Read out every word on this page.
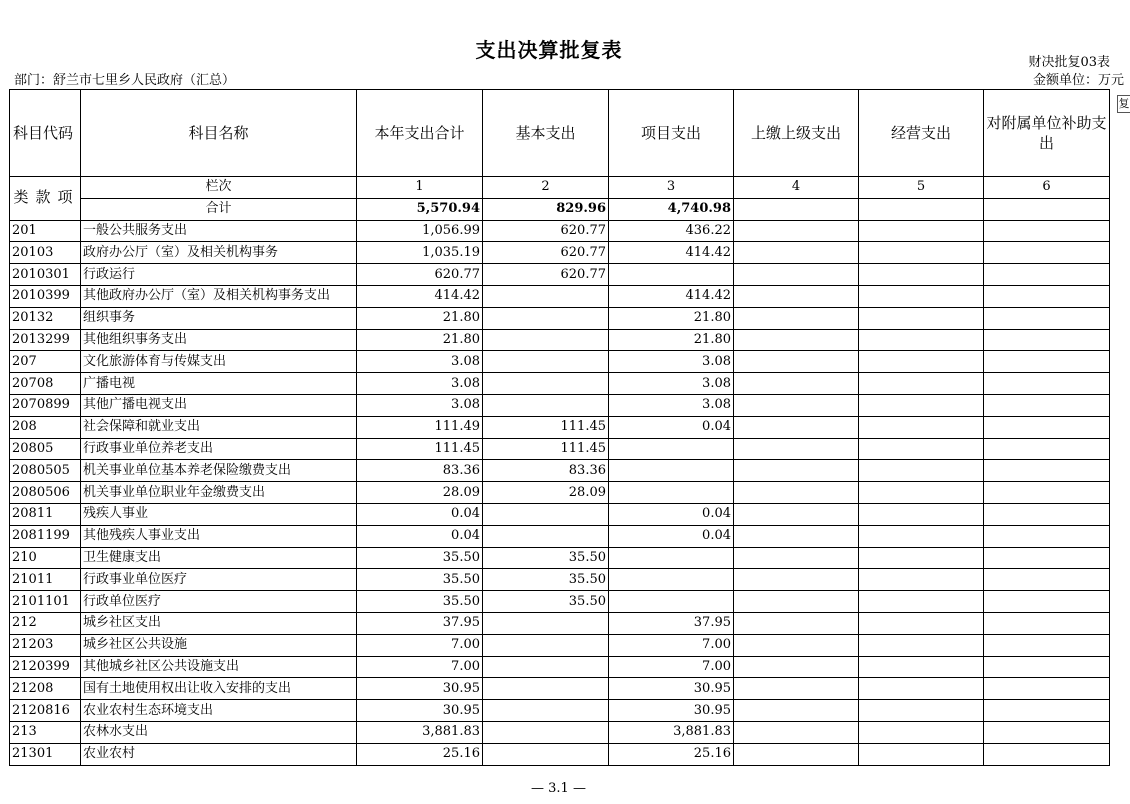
支出决算批复表
财决批复03表
部门：舒兰市七里乡人民政府（汇总）	金额单位：万元
复
科目代码	科目名称	本年支出合计	基本支出	项目支出	上缴上级支出	经营支出	对附属单位补助支出
类 款 项	栏次	1	2	3	4	5	6
	合计	5,570.94	829.96	4,740.98			
201	一般公共服务支出	1,056.99	620.77	436.22			
20103	政府办公厅（室）及相关机构事务	1,035.19	620.77	414.42			
2010301	行政运行	620.77	620.77				
2010399	其他政府办公厅（室）及相关机构事务支出	414.42		414.42			
20132	组织事务	21.80		21.80			
2013299	其他组织事务支出	21.80		21.80			
207	文化旅游体育与传媒支出	3.08		3.08			
20708	广播电视	3.08		3.08			
2070899	其他广播电视支出	3.08		3.08			
208	社会保障和就业支出	111.49	111.45	0.04			
20805	行政事业单位养老支出	111.45	111.45				
2080505	机关事业单位基本养老保险缴费支出	83.36	83.36				
2080506	机关事业单位职业年金缴费支出	28.09	28.09				
20811	残疾人事业	0.04		0.04			
2081199	其他残疾人事业支出	0.04		0.04			
210	卫生健康支出	35.50	35.50				
21011	行政事业单位医疗	35.50	35.50				
2101101	行政单位医疗	35.50	35.50				
212	城乡社区支出	37.95		37.95			
21203	城乡社区公共设施	7.00		7.00			
2120399	其他城乡社区公共设施支出	7.00		7.00			
21208	国有土地使用权出让收入安排的支出	30.95		30.95			
2120816	农业农村生态环境支出	30.95		30.95			
213	农林水支出	3,881.83		3,881.83			
21301	农业农村	25.16		25.16			
— 3.1 —
